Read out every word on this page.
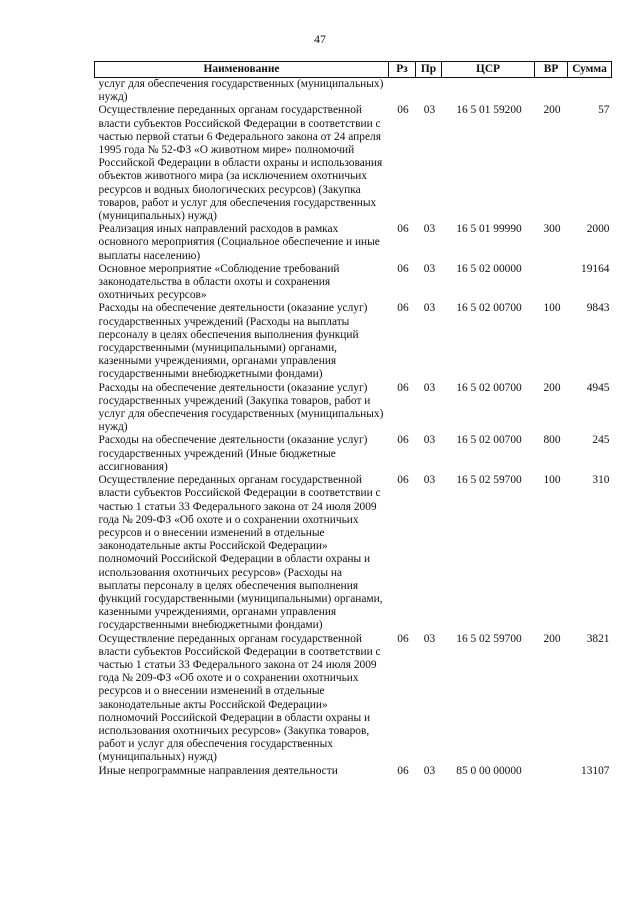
47
Наименование	Рз	Пр	ЦСР	ВР	Сумма
услуг для обеспечения государственных (муниципальных) нужд)					
Осуществление переданных органам государственной власти субъектов Российской Федерации в соответствии с частью первой статьи 6 Федерального закона от 24 апреля 1995 года № 52-ФЗ «О животном мире» полномочий Российской Федерации в области охраны и использования объектов животного мира (за исключением охотничьих ресурсов и водных биологических ресурсов) (Закупка товаров, работ и услуг для обеспечения государственных (муниципальных) нужд)	06	03	16 5 01 59200	200	57
Реализация иных направлений расходов в рамках основного мероприятия (Социальное обеспечение и иные выплаты населению)	06	03	16 5 01 99990	300	2000
Основное мероприятие «Соблюдение требований законодательства в области охоты и сохранения охотничьих ресурсов»	06	03	16 5 02 00000		19164
Расходы на обеспечение деятельности (оказание услуг) государственных учреждений (Расходы на выплаты персоналу в целях обеспечения выполнения функций государственными (муниципальными) органами, казенными учреждениями, органами управления государственными внебюджетными фондами)	06	03	16 5 02 00700	100	9843
Расходы на обеспечение деятельности (оказание услуг) государственных учреждений (Закупка товаров, работ и услуг для обеспечения государственных (муниципальных) нужд)	06	03	16 5 02 00700	200	4945
Расходы на обеспечение деятельности (оказание услуг) государственных учреждений (Иные бюджетные ассигнования)	06	03	16 5 02 00700	800	245
Осуществление переданных органам государственной власти субъектов Российской Федерации в соответствии с частью 1 статьи 33 Федерального закона от 24 июля 2009 года № 209-ФЗ «Об охоте и о сохранении охотничьих ресурсов и о внесении изменений в отдельные законодательные акты Российской Федерации» полномочий Российской Федерации в области охраны и использования охотничьих ресурсов» (Расходы на выплаты персоналу в целях обеспечения выполнения функций государственными (муниципальными) органами, казенными учреждениями, органами управления государственными внебюджетными фондами)	06	03	16 5 02 59700	100	310
Осуществление переданных органам государственной власти субъектов Российской Федерации в соответствии с частью 1 статьи 33 Федерального закона от 24 июля 2009 года № 209-ФЗ «Об охоте и о сохранении охотничьих ресурсов и о внесении изменений в отдельные законодательные акты Российской Федерации» полномочий Российской Федерации в области охраны и использования охотничьих ресурсов» (Закупка товаров, работ и услуг для обеспечения государственных (муниципальных) нужд)	06	03	16 5 02 59700	200	3821
Иные непрограммные направления деятельности	06	03	85 0 00 00000		13107
